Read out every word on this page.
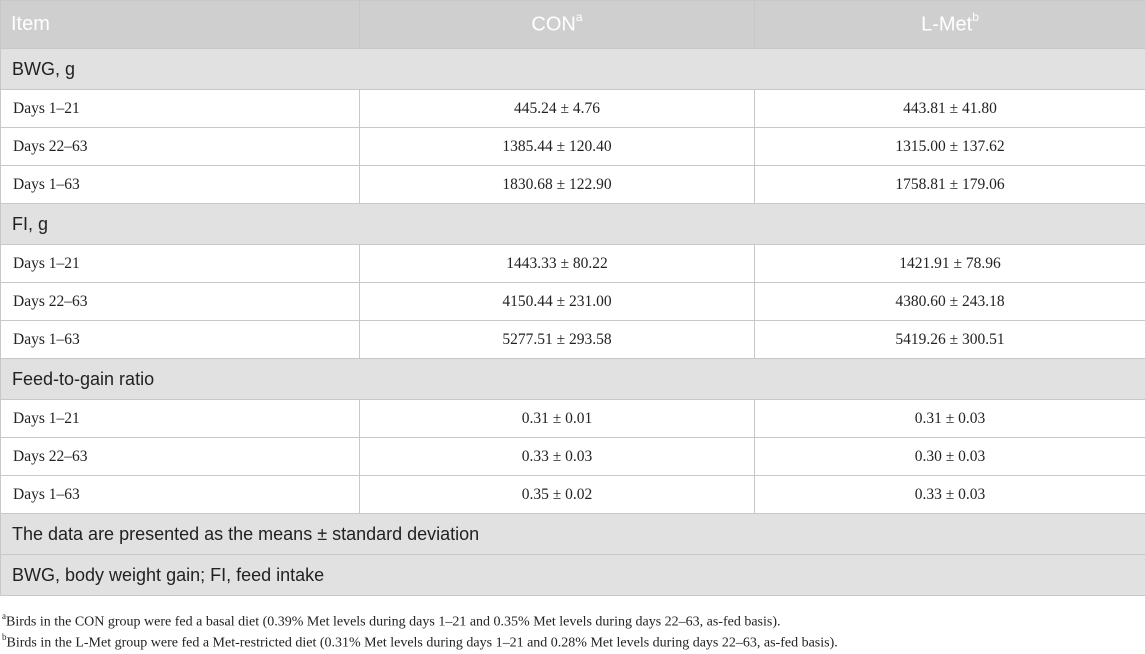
Item	CON$^a$	L-Met$^b$
BWG, g		
Days 1–21	445.24 ± 4.76	443.81 ± 41.80
Days 22–63	1385.44 ± 120.40	1315.00 ± 137.62
Days 1–63	1830.68 ± 122.90	1758.81 ± 179.06
FI, g		
Days 1–21	1443.33 ± 80.22	1421.91 ± 78.96
Days 22–63	4150.44 ± 231.00	4380.60 ± 243.18
Days 1–63	5277.51 ± 293.58	5419.26 ± 300.51
Feed-to-gain ratio		
Days 1–21	0.31 ± 0.01	0.31 ± 0.03
Days 22–63	0.33 ± 0.03	0.30 ± 0.03
Days 1–63	0.35 ± 0.02	0.33 ± 0.03
The data are presented as the means ± standard deviation		
BWG, body weight gain; FI, feed intake		
$^a$Birds in the CON group were fed a basal diet (0.39% Met levels during days 1–21 and 0.35% Met levels during days 22–63, as-fed basis).
$^b$Birds in the L-Met group were fed a Met-restricted diet (0.31% Met levels during days 1–21 and 0.28% Met levels during days 22–63, as-fed basis).
